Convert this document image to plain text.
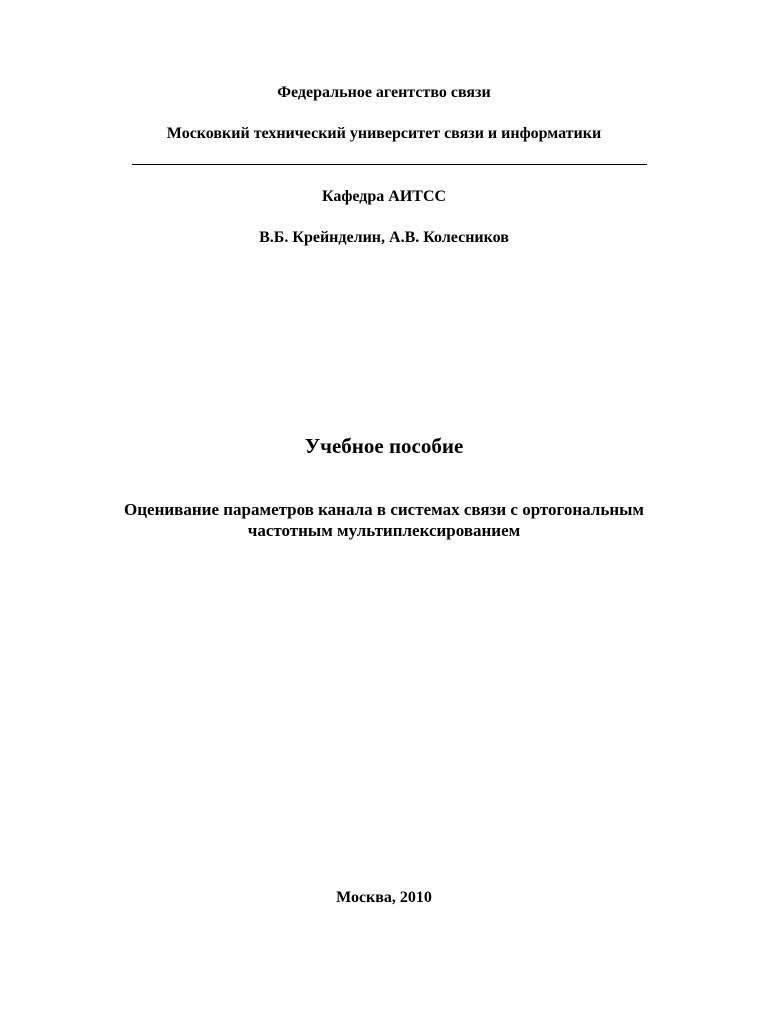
Федеральное агентство связи
Московкий технический университет связи и информатики
Кафедра АИТСС
В.Б. Крейнделин, А.В. Колесников
Учебное пособие
Оценивание параметров канала в системах связи с ортогональным
частотным мультиплексированием
Москва, 2010
